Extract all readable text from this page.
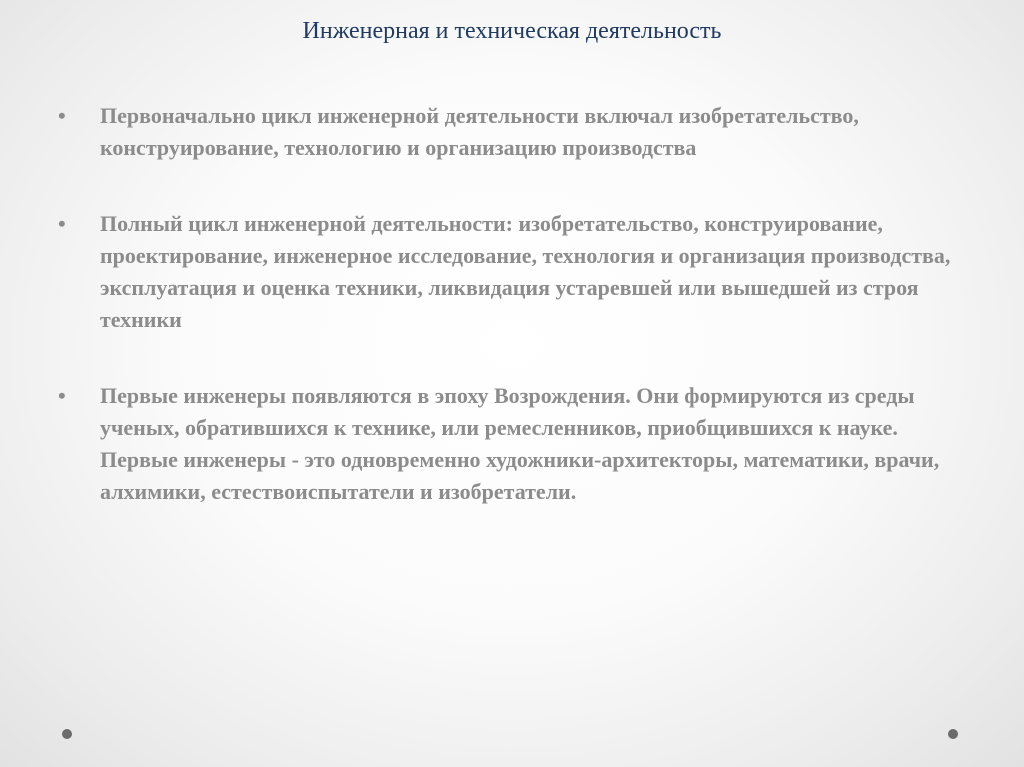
Инженерная и техническая деятельность
• Первоначально цикл инженерной деятельности включал изобретательство, конструирование, технологию и организацию производства
• Полный цикл инженерной деятельности: изобретательство, конструирование, проектирование, инженерное исследование, технология и организация производства, эксплуатация и оценка техники, ликвидация устаревшей или вышедшей из строя техники
• Первые инженеры появляются в эпоху Возрождения. Они формируются из среды ученых, обратившихся к технике, или ремесленников, приобщившихся к науке. Первые инженеры - это одновременно художники-архитекторы, математики, врачи, алхимики, естествоиспытатели и изобретатели.
